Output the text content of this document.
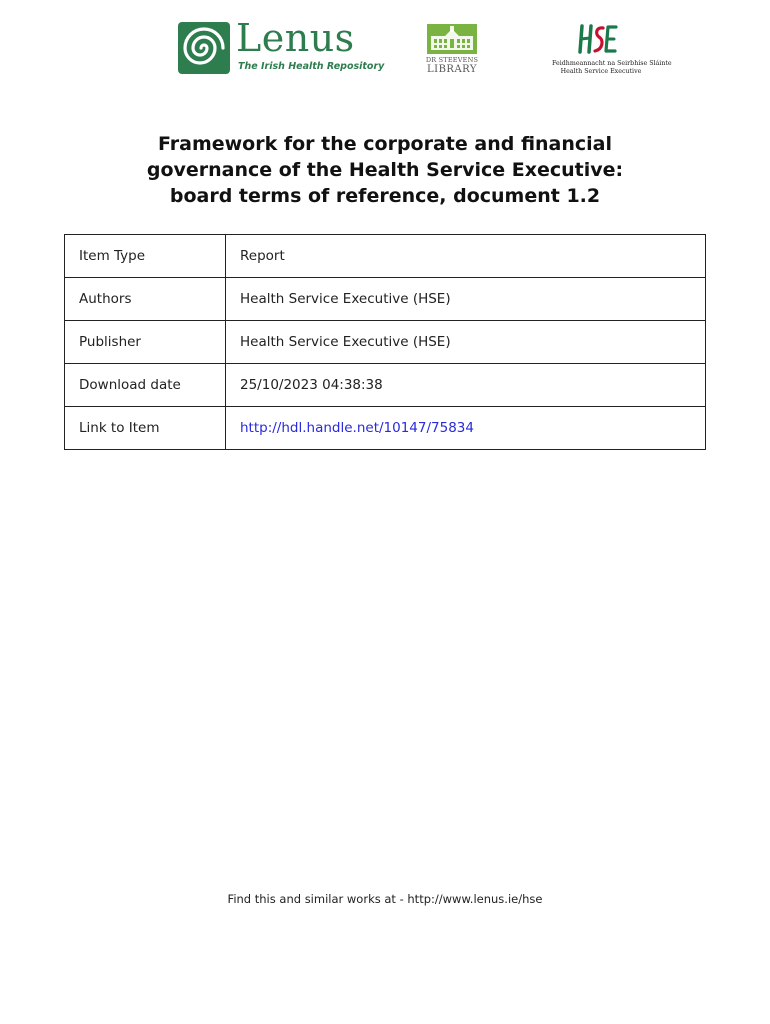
Lenus
The Irish Health Repository
DR STEEVENS
LIBRARY
Feidhmeannacht na Seirbhíse Sláinte
Health Service Executive
Framework for the corporate and financial
governance of the Health Service Executive:
board terms of reference, document 1.2
Item Type	Report
Authors	Health Service Executive (HSE)
Publisher	Health Service Executive (HSE)
Download date	25/10/2023 04:38:38
Link to Item	http://hdl.handle.net/10147/75834
Find this and similar works at - http://www.lenus.ie/hse
